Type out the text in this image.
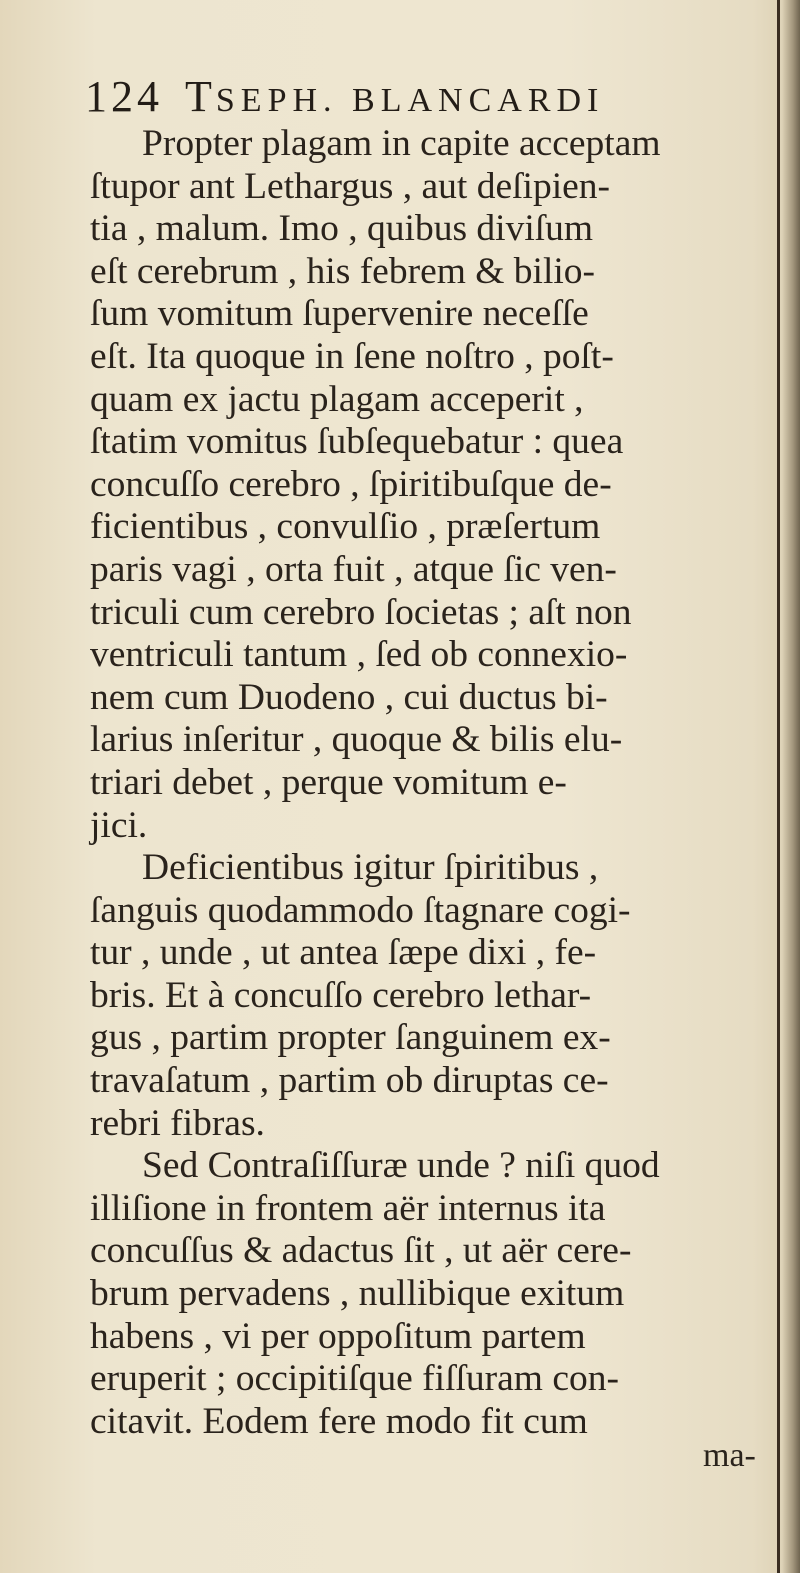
124 TSEPH. BLANCARDI
Propter plagam in capite acceptam
ſtupor ant Lethargus , aut deſipien-
tia , malum. Imo , quibus diviſum
eſt cerebrum , his febrem & bilio-
ſum vomitum ſupervenire neceſſe
eſt. Ita quoque in ſene noſtro , poſt-
quam ex jactu plagam acceperit ,
ſtatim vomitus ſubſequebatur : quea
concuſſo cerebro , ſpiritibuſque de-
ficientibus , convulſio , præſertum
paris vagi , orta fuit , atque ſic ven-
triculi cum cerebro ſocietas ; aſt non
ventriculi tantum , ſed ob connexio-
nem cum Duodeno , cui ductus bi-
larius inſeritur , quoque & bilis elu-
triari debet , perque vomitum e-
jici.
Deficientibus igitur ſpiritibus ,
ſanguis quodammodo ſtagnare cogi-
tur , unde , ut antea ſæpe dixi , fe-
bris. Et à concuſſo cerebro lethar-
gus , partim propter ſanguinem ex-
travaſatum , partim ob diruptas ce-
rebri fibras.
Sed Contraſiſſuræ unde ? niſi quod
illiſione in frontem aër internus ita
concuſſus & adactus ſit , ut aër cere-
brum pervadens , nullibique exitum
habens , vi per oppoſitum partem
eruperit ; occipitiſque fiſſuram con-
citavit. Eodem fere modo fit cum
ma-
